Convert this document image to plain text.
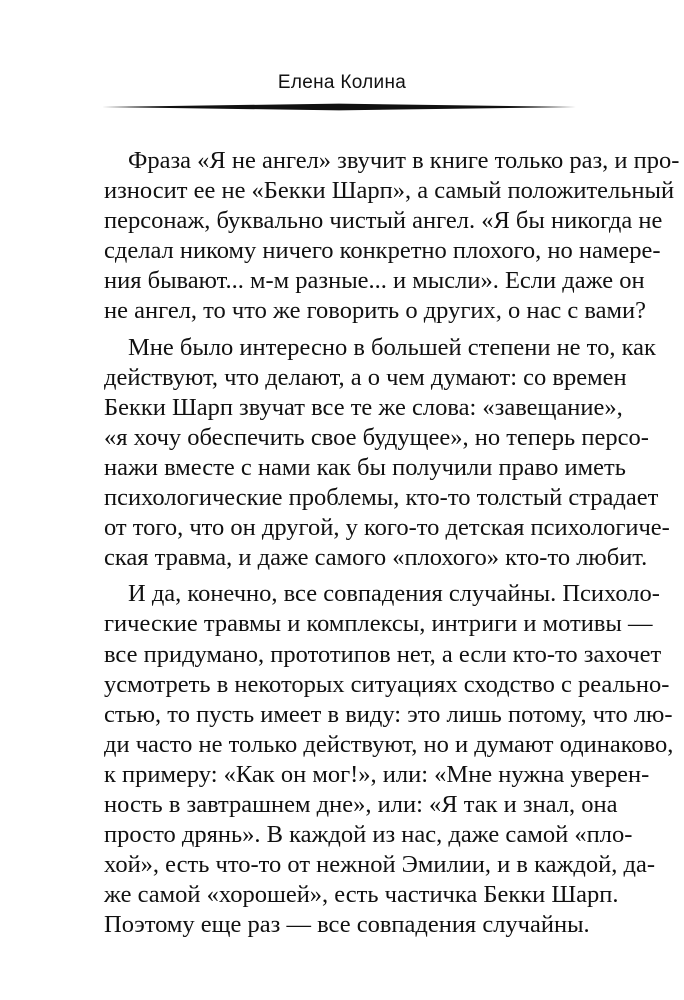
Елена Колина
Фраза «Я не ангел» звучит в книге только раз, и про-
износит ее не «Бекки Шарп», а самый положительный
персонаж, буквально чистый ангел. «Я бы никогда не
сделал никому ничего конкретно плохого, но намере-
ния бывают... м-м разные... и мысли». Если даже он
не ангел, то что же говорить о других, о нас с вами?
Мне было интересно в большей степени не то, как
действуют, что делают, а о чем думают: со времен
Бекки Шарп звучат все те же слова: «завещание»,
«я хочу обеспечить свое будущее», но теперь персо-
нажи вместе с нами как бы получили право иметь
психологические проблемы, кто-то толстый страдает
от того, что он другой, у кого-то детская психологиче-
ская травма, и даже самого «плохого» кто-то любит.
И да, конечно, все совпадения случайны. Психоло-
гические травмы и комплексы, интриги и мотивы —
все придумано, прототипов нет, а если кто-то захочет
усмотреть в некоторых ситуациях сходство с реально-
стью, то пусть имеет в виду: это лишь потому, что лю-
ди часто не только действуют, но и думают одинаково,
к примеру: «Как он мог!», или: «Мне нужна уверен-
ность в завтрашнем дне», или: «Я так и знал, она
просто дрянь». В каждой из нас, даже самой «пло-
хой», есть что-то от нежной Эмилии, и в каждой, да-
же самой «хорошей», есть частичка Бекки Шарп.
Поэтому еще раз — все совпадения случайны.
